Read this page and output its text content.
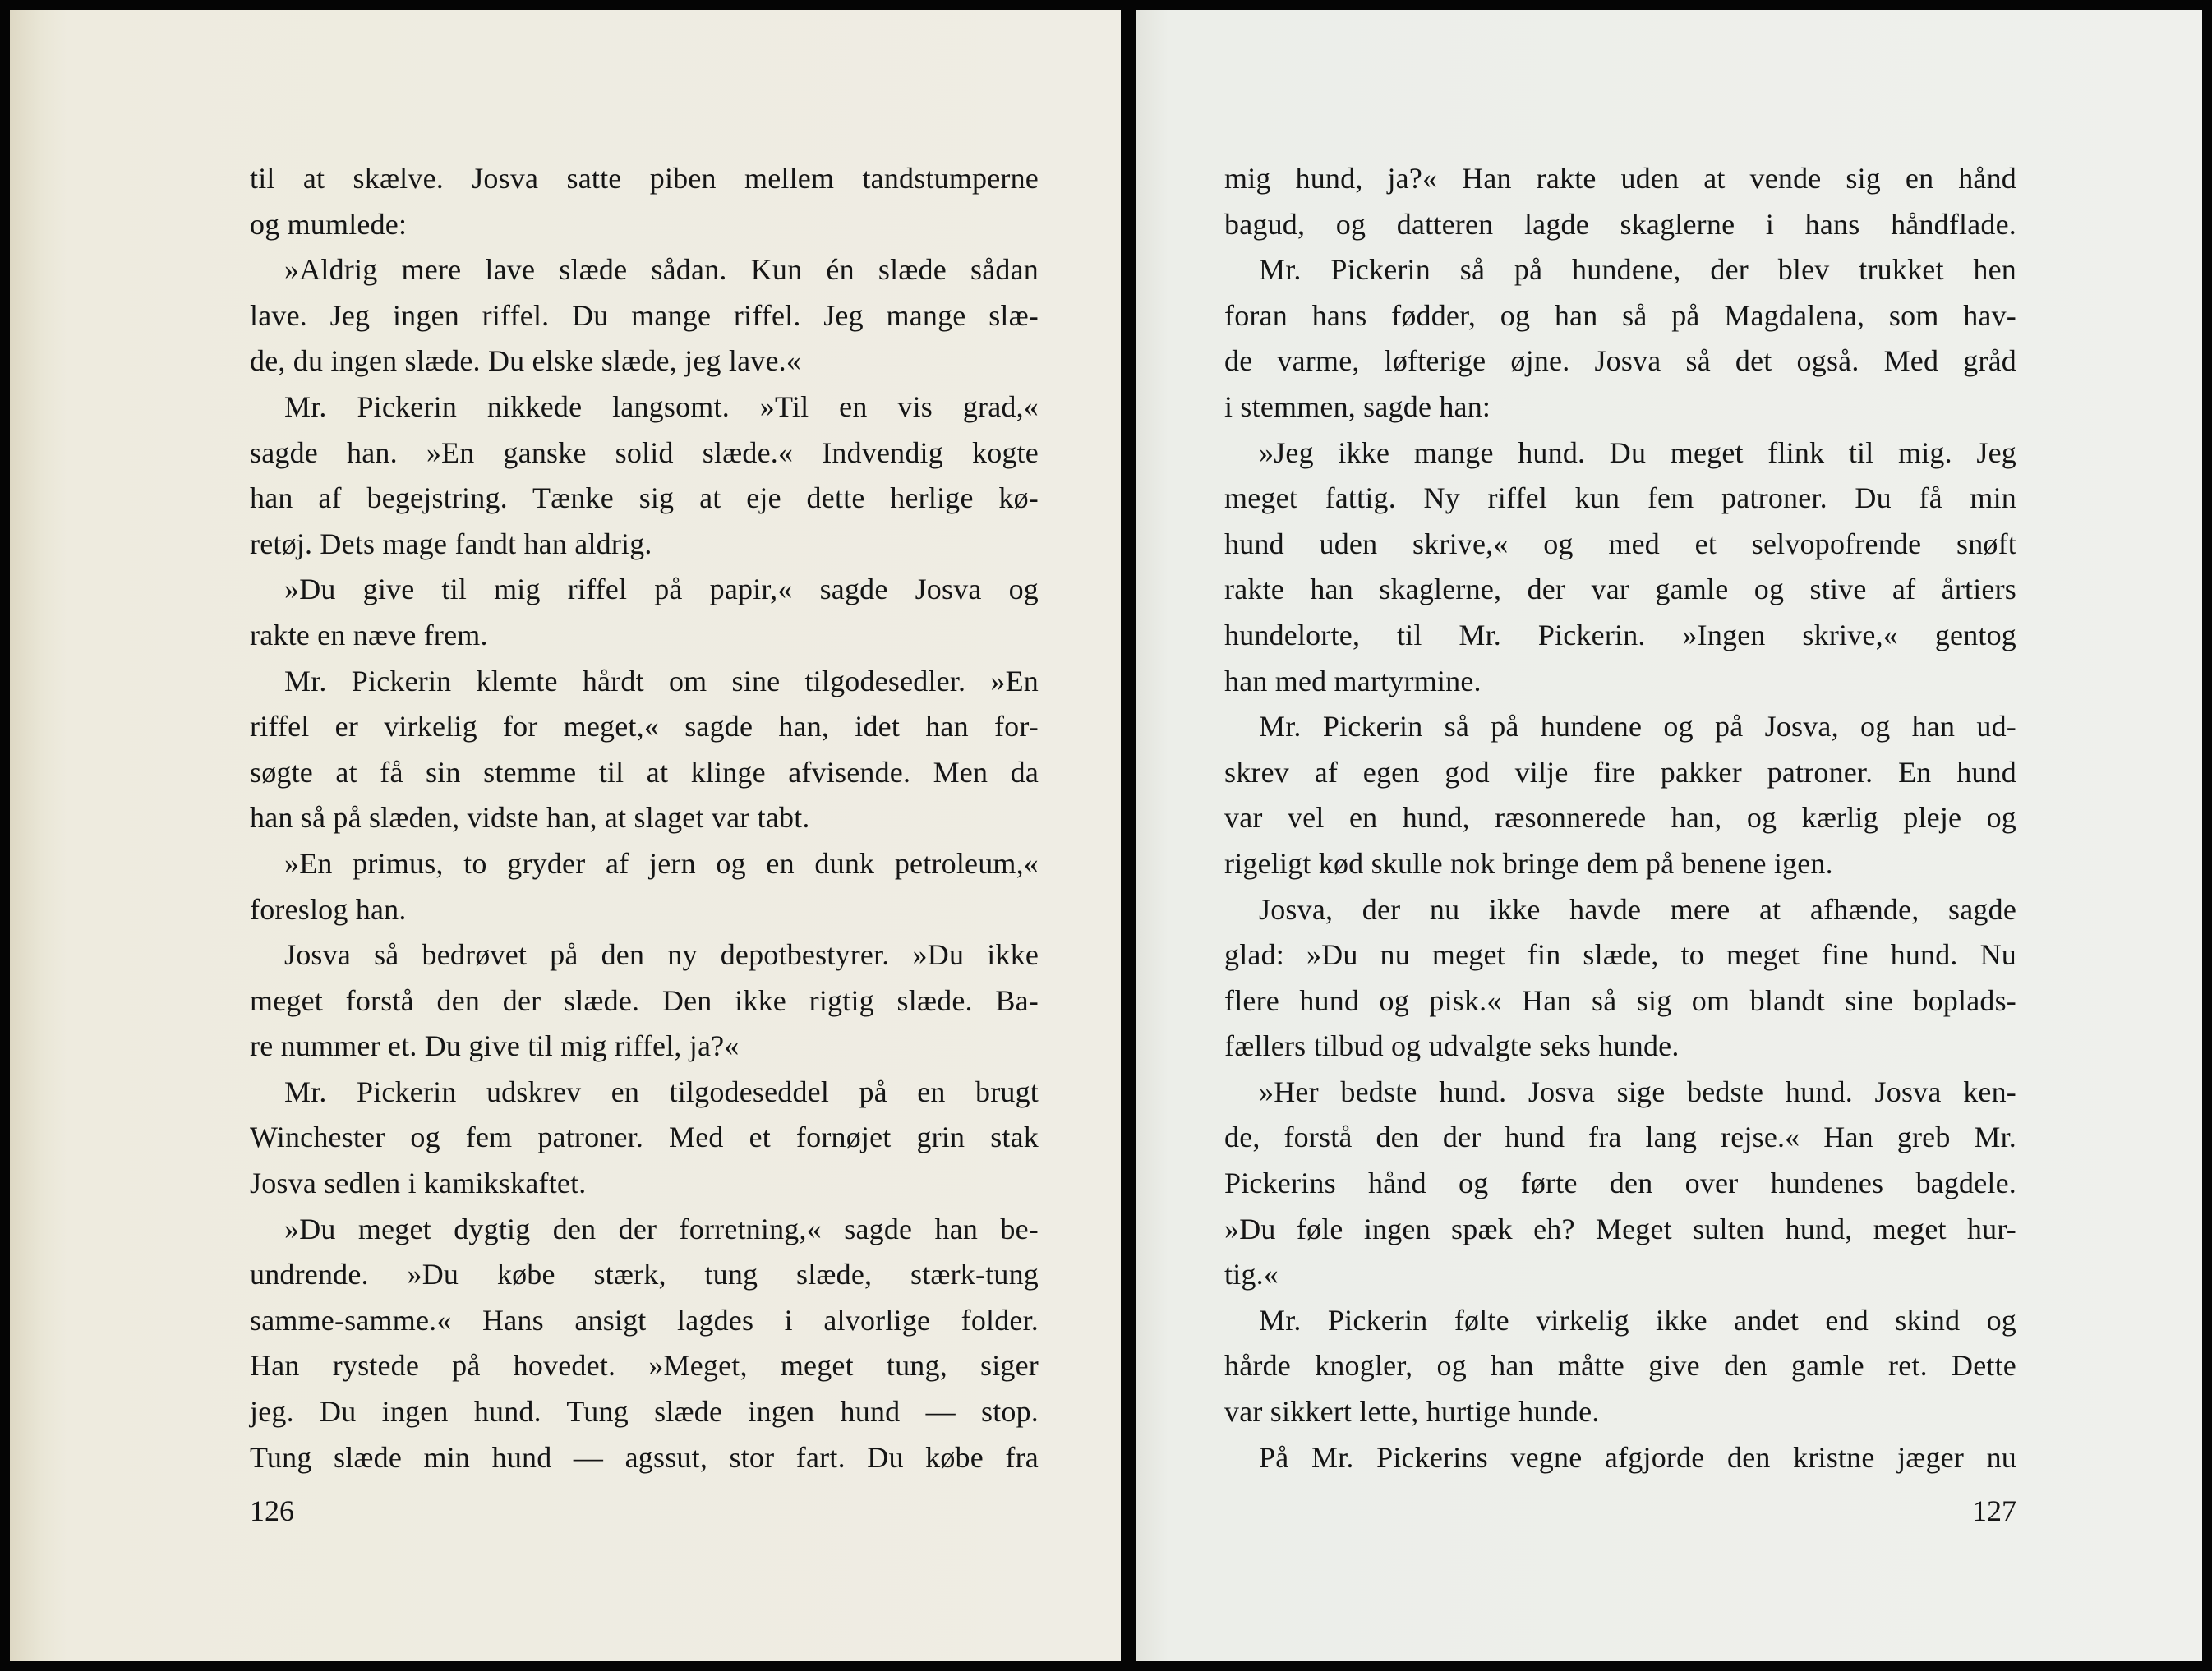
til at skælve. Josva satte piben mellem tandstumperne
og mumlede:
»Aldrig mere lave slæde sådan. Kun én slæde sådan
lave. Jeg ingen riffel. Du mange riffel. Jeg mange slæ-
de, du ingen slæde. Du elske slæde, jeg lave.«
Mr. Pickerin nikkede langsomt. »Til en vis grad,«
sagde han. »En ganske solid slæde.« Indvendig kogte
han af begejstring. Tænke sig at eje dette herlige kø-
retøj. Dets mage fandt han aldrig.
»Du give til mig riffel på papir,« sagde Josva og
rakte en næve frem.
Mr. Pickerin klemte hårdt om sine tilgodesedler. »En
riffel er virkelig for meget,« sagde han, idet han for-
søgte at få sin stemme til at klinge afvisende. Men da
han så på slæden, vidste han, at slaget var tabt.
»En primus, to gryder af jern og en dunk petroleum,«
foreslog han.
Josva så bedrøvet på den ny depotbestyrer. »Du ikke
meget forstå den der slæde. Den ikke rigtig slæde. Ba-
re nummer et. Du give til mig riffel, ja?«
Mr. Pickerin udskrev en tilgodeseddel på en brugt
Winchester og fem patroner. Med et fornøjet grin stak
Josva sedlen i kamikskaftet.
»Du meget dygtig den der forretning,« sagde han be-
undrende. »Du købe stærk, tung slæde, stærk-tung
samme-samme.« Hans ansigt lagdes i alvorlige folder.
Han rystede på hovedet. »Meget, meget tung, siger
jeg. Du ingen hund. Tung slæde ingen hund — stop.
Tung slæde min hund — agssut, stor fart. Du købe fra
126
mig hund, ja?« Han rakte uden at vende sig en hånd
bagud, og datteren lagde skaglerne i hans håndflade.
Mr. Pickerin så på hundene, der blev trukket hen
foran hans fødder, og han så på Magdalena, som hav-
de varme, løfterige øjne. Josva så det også. Med gråd
i stemmen, sagde han:
»Jeg ikke mange hund. Du meget flink til mig. Jeg
meget fattig. Ny riffel kun fem patroner. Du få min
hund uden skrive,« og med et selvopofrende snøft
rakte han skaglerne, der var gamle og stive af årtiers
hundelorte, til Mr. Pickerin. »Ingen skrive,« gentog
han med martyrmine.
Mr. Pickerin så på hundene og på Josva, og han ud-
skrev af egen god vilje fire pakker patroner. En hund
var vel en hund, ræsonnerede han, og kærlig pleje og
rigeligt kød skulle nok bringe dem på benene igen.
Josva, der nu ikke havde mere at afhænde, sagde
glad: »Du nu meget fin slæde, to meget fine hund. Nu
flere hund og pisk.« Han så sig om blandt sine boplads-
fællers tilbud og udvalgte seks hunde.
»Her bedste hund. Josva sige bedste hund. Josva ken-
de, forstå den der hund fra lang rejse.« Han greb Mr.
Pickerins hånd og førte den over hundenes bagdele.
»Du føle ingen spæk eh? Meget sulten hund, meget hur-
tig.«
Mr. Pickerin følte virkelig ikke andet end skind og
hårde knogler, og han måtte give den gamle ret. Dette
var sikkert lette, hurtige hunde.
På Mr. Pickerins vegne afgjorde den kristne jæger nu
127
